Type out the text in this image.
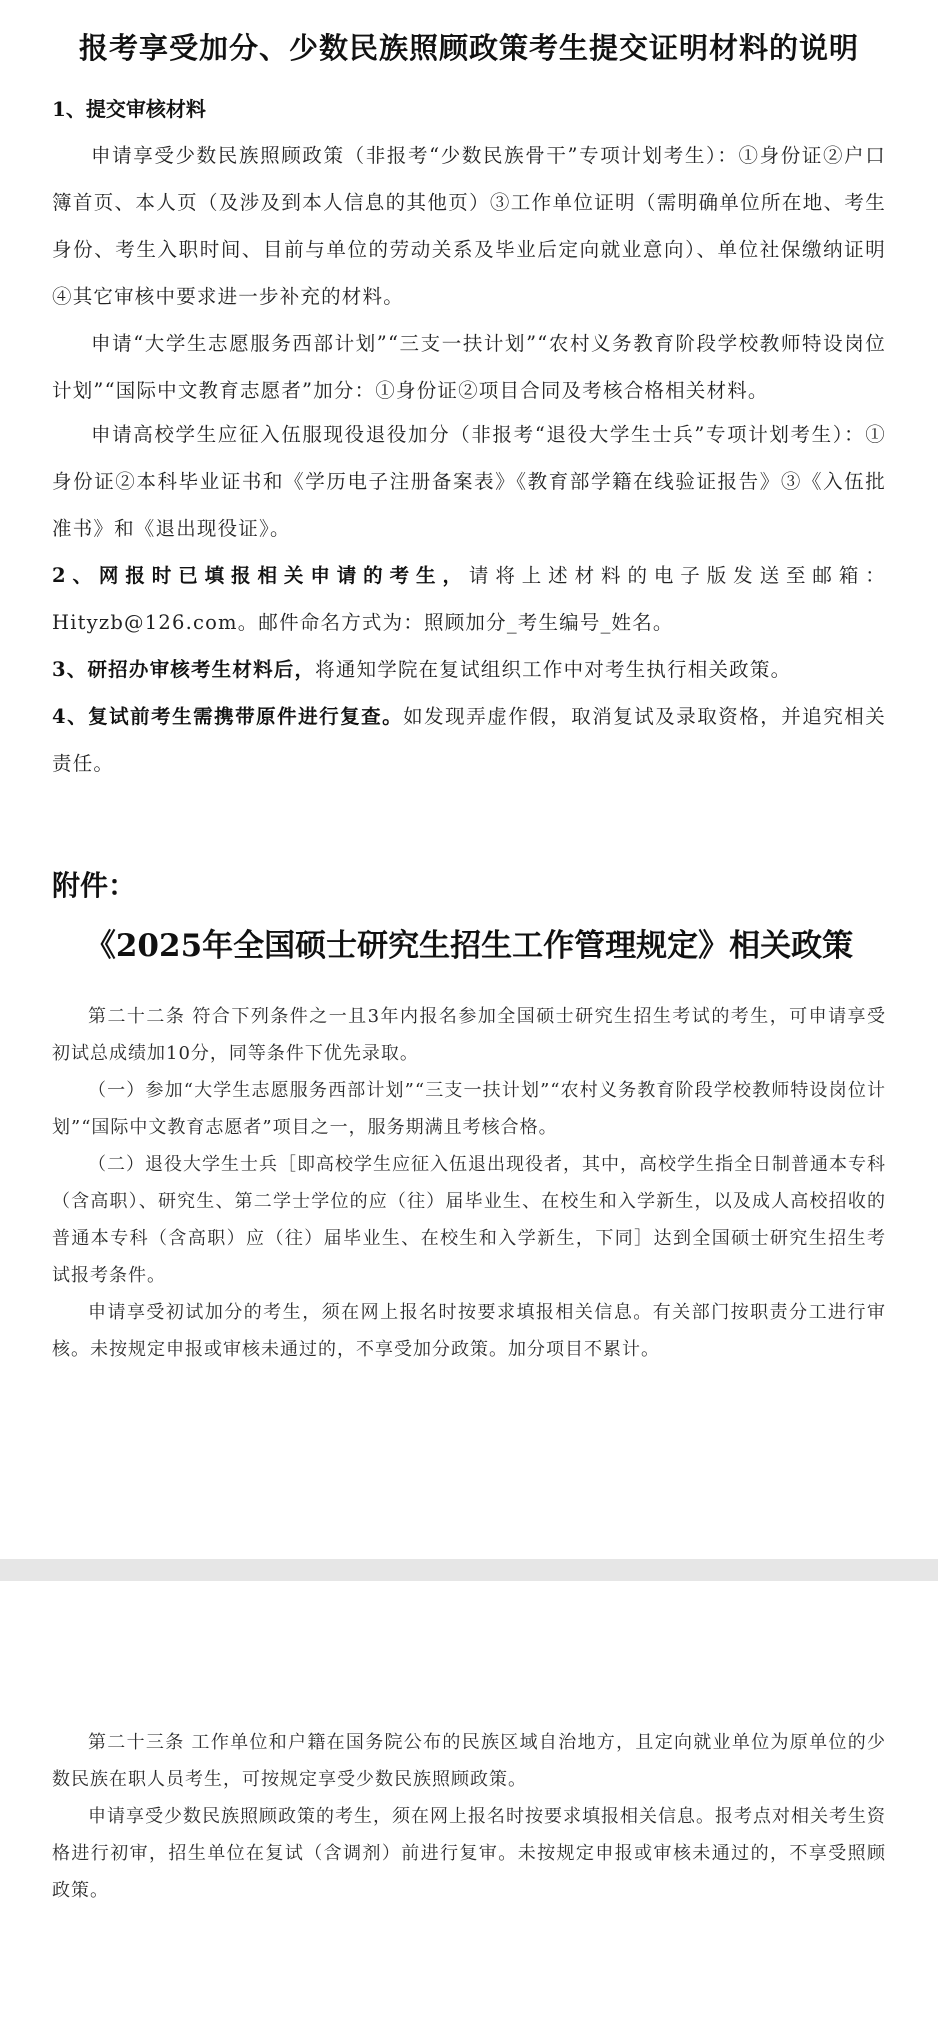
报考享受加分、少数民族照顾政策考生提交证明材料的说明
1、提交审核材料
申请享受少数民族照顾政策（非报考“少数民族骨干”专项计划考生）：①身份证②户口簿首页、本人页（及涉及到本人信息的其他页）③工作单位证明（需明确单位所在地、考生身份、考生入职时间、目前与单位的劳动关系及毕业后定向就业意向）、单位社保缴纳证明④其它审核中要求进一步补充的材料。
申请“大学生志愿服务西部计划”“三支一扶计划”“农村义务教育阶段学校教师特设岗位计划”“国际中文教育志愿者”加分：①身份证②项目合同及考核合格相关材料。
申请高校学生应征入伍服现役退役加分（非报考“退役大学生士兵”专项计划考生）：①身份证②本科毕业证书和《学历电子注册备案表》《教育部学籍在线验证报告》③《入伍批准书》和《退出现役证》。
2、网报时已填报相关申请的考生，请将上述材料的电子版发送至邮箱： Hityzb@126.com。邮件命名方式为：照顾加分_考生编号_姓名。
3、研招办审核考生材料后，将通知学院在复试组织工作中对考生执行相关政策。
4、复试前考生需携带原件进行复查。如发现弄虚作假，取消复试及录取资格，并追究相关责任。
附件：
《2025年全国硕士研究生招生工作管理规定》相关政策
第二十二条 符合下列条件之一且3年内报名参加全国硕士研究生招生考试的考生，可申请享受初试总成绩加10分，同等条件下优先录取。
（一）参加“大学生志愿服务西部计划”“三支一扶计划”“农村义务教育阶段学校教师特设岗位计划”“国际中文教育志愿者”项目之一，服务期满且考核合格。
（二）退役大学生士兵［即高校学生应征入伍退出现役者，其中，高校学生指全日制普通本专科（含高职）、研究生、第二学士学位的应（往）届毕业生、在校生和入学新生，以及成人高校招收的普通本专科（含高职）应（往）届毕业生、在校生和入学新生，下同］达到全国硕士研究生招生考试报考条件。
申请享受初试加分的考生，须在网上报名时按要求填报相关信息。有关部门按职责分工进行审核。未按规定申报或审核未通过的，不享受加分政策。加分项目不累计。
第二十三条 工作单位和户籍在国务院公布的民族区域自治地方，且定向就业单位为原单位的少数民族在职人员考生，可按规定享受少数民族照顾政策。
申请享受少数民族照顾政策的考生，须在网上报名时按要求填报相关信息。报考点对相关考生资格进行初审，招生单位在复试（含调剂）前进行复审。未按规定申报或审核未通过的，不享受照顾政策。
